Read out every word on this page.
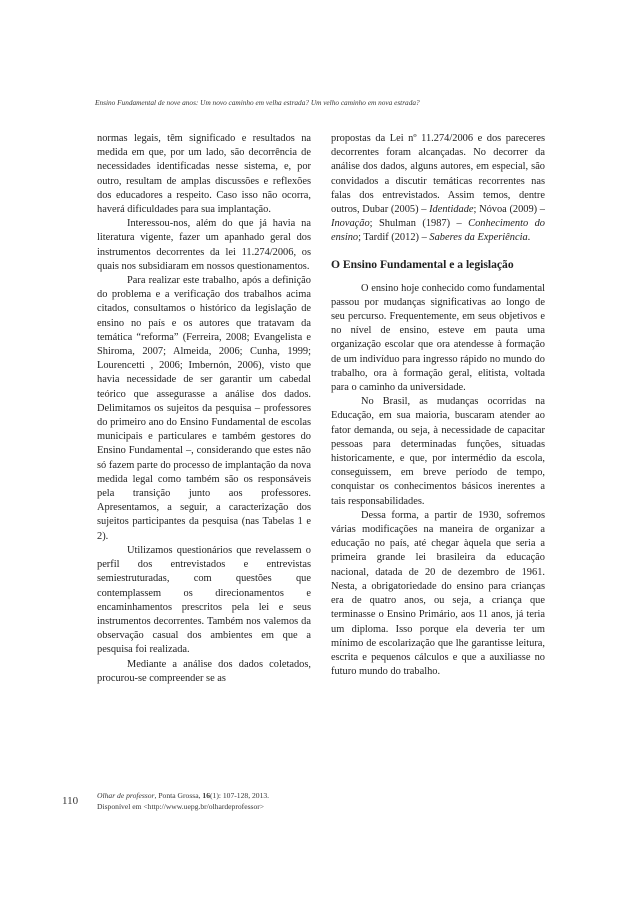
Ensino Fundamental de nove anos: Um novo caminho em velha estrada? Um velho caminho em nova estrada?

normas legais, têm significado e resultados na medida em que, por um lado, são decorrência de necessidades identificadas nesse sistema, e, por outro, resultam de amplas discussões e reflexões dos educadores a respeito. Caso isso não ocorra, haverá dificuldades para sua implantação.

Interessou-nos, além do que já havia na literatura vigente, fazer um apanhado geral dos instrumentos decorrentes da lei 11.274/2006, os quais nos subsidiaram em nossos questionamentos.

Para realizar este trabalho, após a definição do problema e a verificação dos trabalhos acima citados, consultamos o histórico da legislação de ensino no país e os autores que tratavam da temática “reforma” (Ferreira, 2008; Evangelista e Shiroma, 2007; Almeida, 2006; Cunha, 1999; Lourencetti , 2006; Imbernón, 2006), visto que havia necessidade de ser garantir um cabedal teórico que assegurasse a análise dos dados. Delimitamos os sujeitos da pesquisa – professores do primeiro ano do Ensino Fundamental de escolas municipais e particulares e também gestores do Ensino Fundamental –, considerando que estes não só fazem parte do processo de implantação da nova medida legal como também são os responsáveis pela transição junto aos professores. Apresentamos, a seguir, a caracterização dos sujeitos participantes da pesquisa (nas Tabelas 1 e 2).

Utilizamos questionários que revelassem o perfil dos entrevistados e entrevistas semiestruturadas, com questões que contemplassem os direcionamentos e encaminhamentos prescritos pela lei e seus instrumentos decorrentes. Também nos valemos da observação casual dos ambientes em que a pesquisa foi realizada.

Mediante a análise dos dados coletados, procurou-se compreender se as

propostas da Lei nº 11.274/2006 e dos pareceres decorrentes foram alcançadas. No decorrer da análise dos dados, alguns autores, em especial, são convidados a discutir temáticas recorrentes nas falas dos entrevistados. Assim temos, dentre outros, Dubar (2005) – Identidade; Nóvoa (2009) – Inovação; Shulman (1987) – Conhecimento do ensino; Tardif (2012) – Saberes da Experiência.

O Ensino Fundamental e a legislação

O ensino hoje conhecido como fundamental passou por mudanças significativas ao longo de seu percurso. Frequentemente, em seus objetivos e no nível de ensino, esteve em pauta uma organização escolar que ora atendesse à formação de um indivíduo para ingresso rápido no mundo do trabalho, ora à formação geral, elitista, voltada para o caminho da universidade.

No Brasil, as mudanças ocorridas na Educação, em sua maioria, buscaram atender ao fator demanda, ou seja, à necessidade de capacitar pessoas para determinadas funções, situadas historicamente, e que, por intermédio da escola, conseguissem, em breve período de tempo, conquistar os conhecimentos básicos inerentes a tais responsabilidades.

Dessa forma, a partir de 1930, sofremos várias modificações na maneira de organizar a educação no país, até chegar àquela que seria a primeira grande lei brasileira da educação nacional, datada de 20 de dezembro de 1961. Nesta, a obrigatoriedade do ensino para crianças era de quatro anos, ou seja, a criança que terminasse o Ensino Primário, aos 11 anos, já teria um diploma. Isso porque ela deveria ter um mínimo de escolarização que lhe garantisse leitura, escrita e pequenos cálculos e que a auxiliasse no futuro mundo do trabalho.

110 Olhar de professor, Ponta Grossa, 16(1): 107-128, 2013.
Disponível em <http://www.uepg.br/olhardeprofessor>
